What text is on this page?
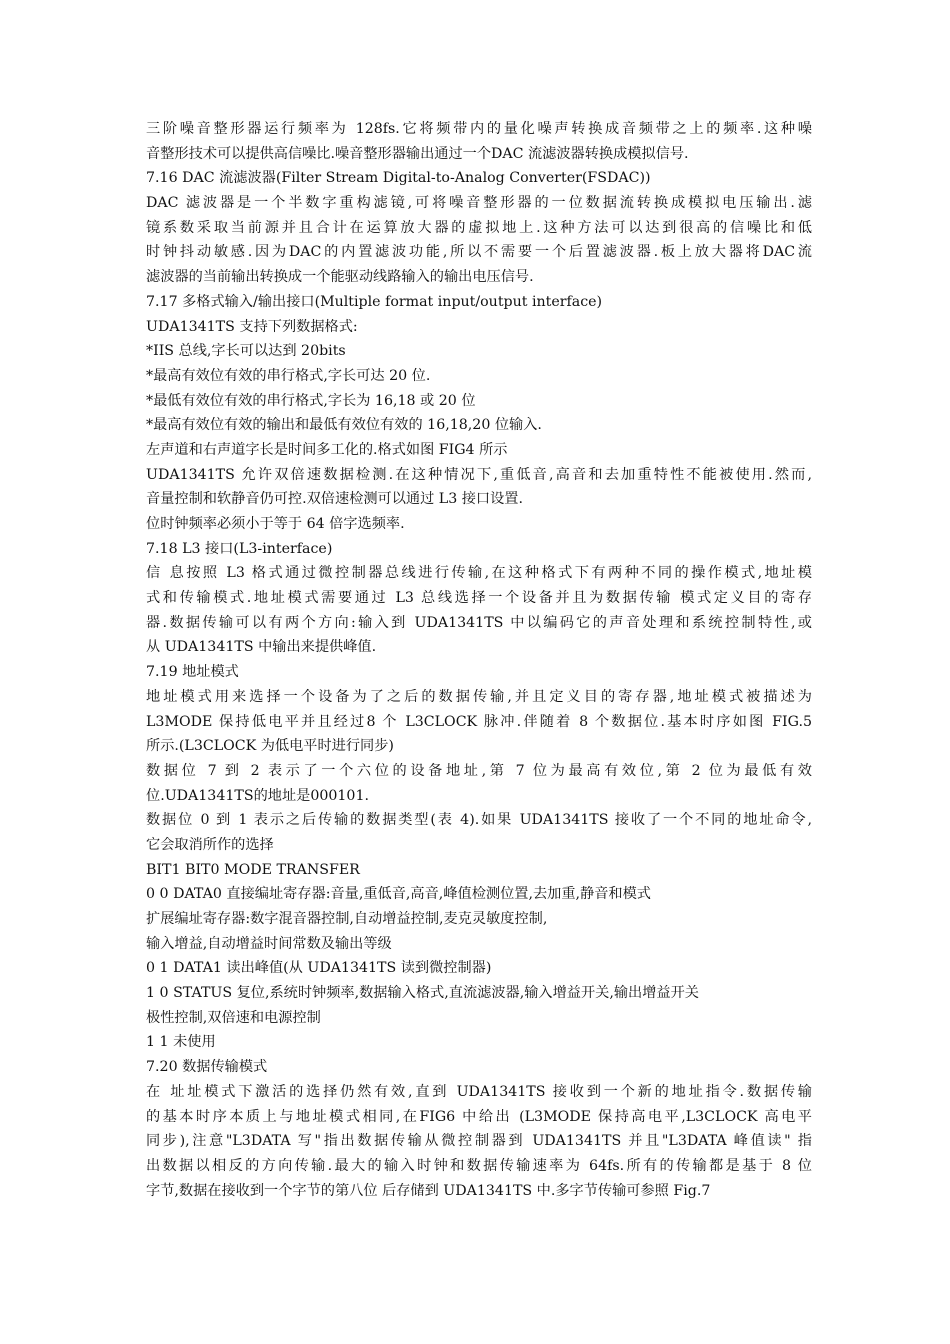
三阶噪音整形器运行频率为 128fs.它将频带内的量化噪声转换成音频带之上的频率.这种噪
音整形技术可以提供高信噪比.噪音整形器输出通过一个DAC 流滤波器转换成模拟信号.
7.16 DAC 流滤波器(Filter Stream Digital-to-Analog Converter(FSDAC))
DAC 滤波器是一个半数字重构滤镜,可将噪音整形器的一位数据流转换成模拟电压输出.滤
镜系数采取当前源并且合计在运算放大器的虚拟地上.这种方法可以达到很高的信噪比和低
时钟抖动敏感.因为DAC的内置滤波功能,所以不需要一个后置滤波器.板上放大器将DAC流
滤波器的当前输出转换成一个能驱动线路输入的输出电压信号.
7.17 多格式输入/输出接口(Multiple format input/output interface)
UDA1341TS 支持下列数据格式:
*IIS 总线,字长可以达到 20bits
*最高有效位有效的串行格式,字长可达 20 位.
*最低有效位有效的串行格式,字长为 16,18 或 20 位
*最高有效位有效的输出和最低有效位有效的 16,18,20 位输入.
左声道和右声道字长是时间多工化的.格式如图 FIG4 所示
UDA1341TS 允许双倍速数据检测.在这种情况下,重低音,高音和去加重特性不能被使用.然而,
音量控制和软静音仍可控.双倍速检测可以通过 L3 接口设置.
位时钟频率必须小于等于 64 倍字选频率.
7.18 L3 接口(L3-interface)
信 息按照 L3 格式通过微控制器总线进行传输,在这种格式下有两种不同的操作模式,地址模
式和传输模式.地址模式需要通过 L3 总线选择一个设备并且为数据传输 模式定义目的寄存
器.数据传输可以有两个方向:输入到 UDA1341TS 中以编码它的声音处理和系统控制特性,或
从 UDA1341TS 中输出来提供峰值.
7.19 地址模式
地址模式用来选择一个设备为了之后的数据传输,并且定义目的寄存器,地址模式被描述为
L3MODE 保持低电平并且经过8 个 L3CLOCK 脉冲.伴随着 8 个数据位.基本时序如图 FIG.5
所示.(L3CLOCK 为低电平时进行同步)
数据位 7 到 2 表示了一个六位的设备地址,第 7 位为最高有效位,第 2 位为最低有效
位.UDA1341TS的地址是000101.
数据位 0 到 1 表示之后传输的数据类型(表 4).如果 UDA1341TS 接收了一个不同的地址命令,
它会取消所作的选择
BIT1 BIT0 MODE TRANSFER
0 0 DATA0 直接编址寄存器:音量,重低音,高音,峰值检测位置,去加重,静音和模式
扩展编址寄存器:数字混音器控制,自动增益控制,麦克灵敏度控制,
输入增益,自动增益时间常数及输出等级
0 1 DATA1 读出峰值(从 UDA1341TS 读到微控制器)
1 0 STATUS 复位,系统时钟频率,数据输入格式,直流滤波器,输入增益开关,输出增益开关
极性控制,双倍速和电源控制
1 1 未使用
7.20 数据传输模式
在 址址模式下激活的选择仍然有效,直到 UDA1341TS 接收到一个新的地址指令.数据传输
的基本时序本质上与地址模式相同,在FIG6 中给出 (L3MODE 保持高电平,L3CLOCK 高电平
同步),注意"L3DATA 写"指出数据传输从微控制器到 UDA1341TS 并且"L3DATA 峰值读" 指
出数据以相反的方向传输.最大的输入时钟和数据传输速率为 64fs.所有的传输都是基于 8 位
字节,数据在接收到一个字节的第八位 后存储到 UDA1341TS 中.多字节传输可参照 Fig.7
